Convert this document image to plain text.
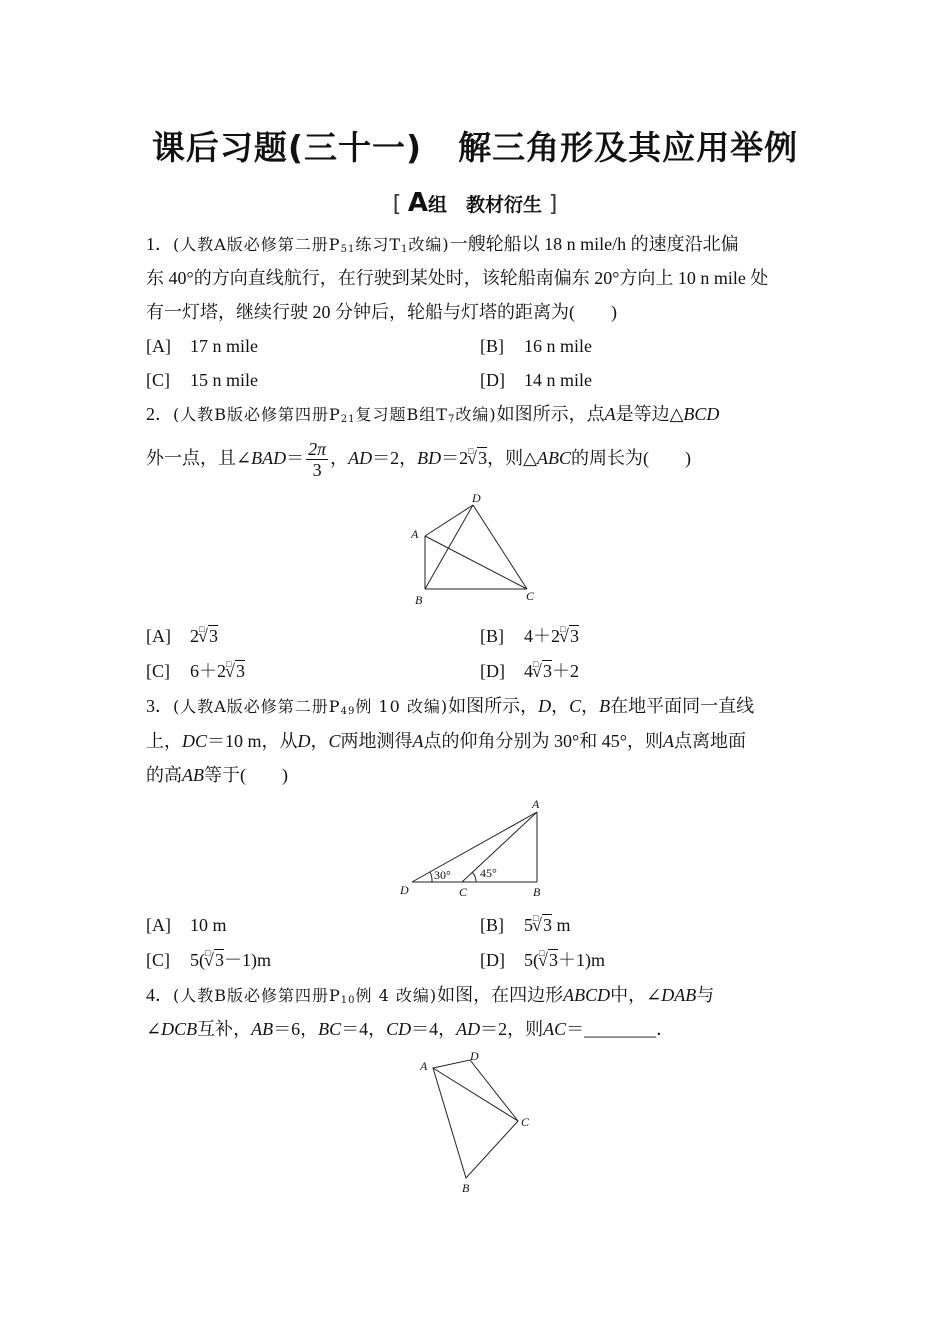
课后习题(三十一) 解三角形及其应用举例
[ A组　教材衍生 ]
1．(人教A版必修第二册$P_{51}$练习$T_1$改编)一艘轮船以 18 n mile/h 的速度沿北偏
东 40°的方向直线航行，在行驶到某处时，该轮船南偏东 20°方向上 10 n mile 处
有一灯塔，继续行驶 20 分钟后，轮船与灯塔的距离为(　　)
[A] 17 n mile	[B] 16 n mile
[C] 15 n mile	[D] 14 n mile
2．(人教B版必修第四册$P_{21}$复习题B组$T_7$改编)如图所示，点A是等边△BCD
外一点，且∠BAD＝ $\frac{2\pi}{3}$ ，AD＝2，BD＝2 √ □ 3，则△ABC的周长为(　　)
A
B	C
D
[A] 2 √ □ 3	[B] 4＋2 √ □ 3
[C] 6＋2 √ □ 3	[D] 4 √ □ 3＋2
3．(人教A版必修第二册$P_{49}$例 10 改编)如图所示，D，C，B在地平面同一直线
上，DC＝10 m，从D，C两地测得A点的仰角分别为 30°和 45°，则A点离地面
的高AB等于(　　)
A
B
C
D
30° 45°
[A] 10 m	[B] 5 √ □ 3 m
[C] 5( √ □ 3－1)m	[D] 5( √ □ 3＋1)m
4．(人教B版必修第四册$P_{10}$例 4 改编)如图，在四边形ABCD中，∠DAB与
∠DCB互补，AB＝6，BC＝4，CD＝4，AD＝2，则AC＝________．
A
D
C
B
